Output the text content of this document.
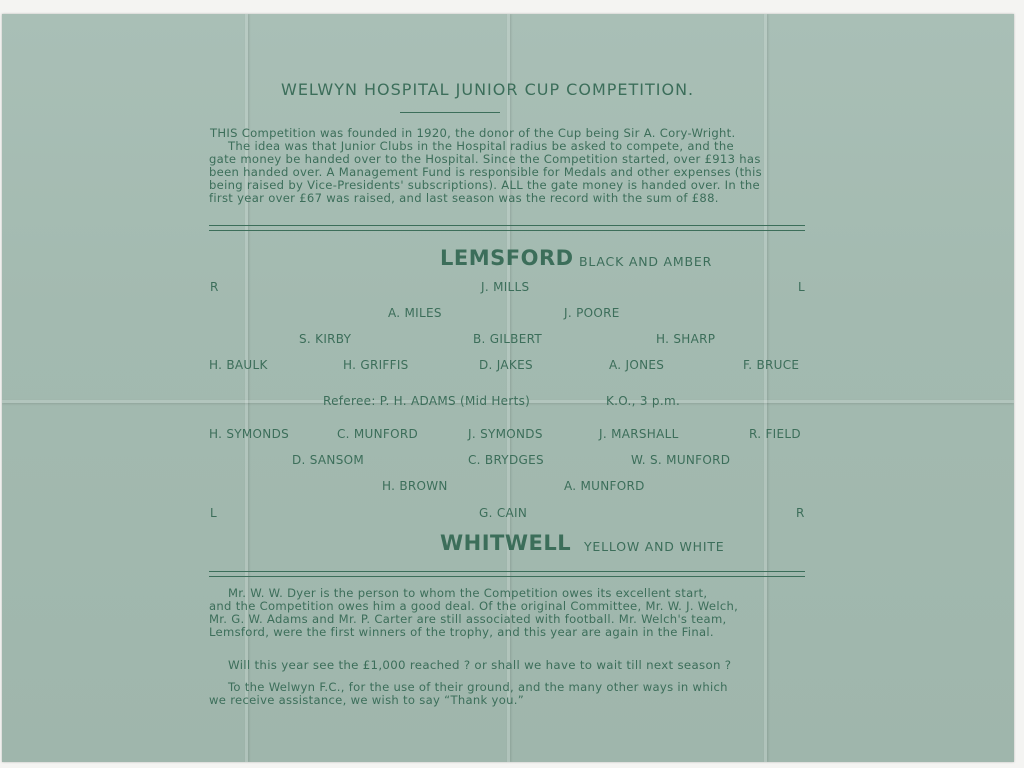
WELWYN HOSPITAL JUNIOR CUP COMPETITION.
THIS Competition was founded in 1920, the donor of the Cup being Sir A. Cory-Wright.
The idea was that Junior Clubs in the Hospital radius be asked to compete, and the
gate money be handed over to the Hospital. Since the Competition started, over £913 has
been handed over. A Management Fund is responsible for Medals and other expenses (this
being raised by Vice-Presidents' subscriptions). ALL the gate money is handed over. In the
first year over £67 was raised, and last season was the record with the sum of £88.
LEMSFORD BLACK AND AMBER
R	L
J. MILLS
A. MILES	J. POORE
S. KIRBY	B. GILBERT	H. SHARP
H. BAULK	H. GRIFFIS	D. JAKES	A. JONES	F. BRUCE
Referee: P. H. ADAMS (Mid Herts)	K.O., 3 p.m.
H. SYMONDS	C. MUNFORD	J. SYMONDS	J. MARSHALL	R. FIELD
D. SANSOM	C. BRYDGES	W. S. MUNFORD
H. BROWN	A. MUNFORD
L	G. CAIN	R
WHITWELL YELLOW AND WHITE
Mr. W. W. Dyer is the person to whom the Competition owes its excellent start,
and the Competition owes him a good deal. Of the original Committee, Mr. W. J. Welch,
Mr. G. W. Adams and Mr. P. Carter are still associated with football. Mr. Welch's team,
Lemsford, were the first winners of the trophy, and this year are again in the Final.
Will this year see the £1,000 reached ? or shall we have to wait till next season ?
To the Welwyn F.C., for the use of their ground, and the many other ways in which
we receive assistance, we wish to say “Thank you.”
